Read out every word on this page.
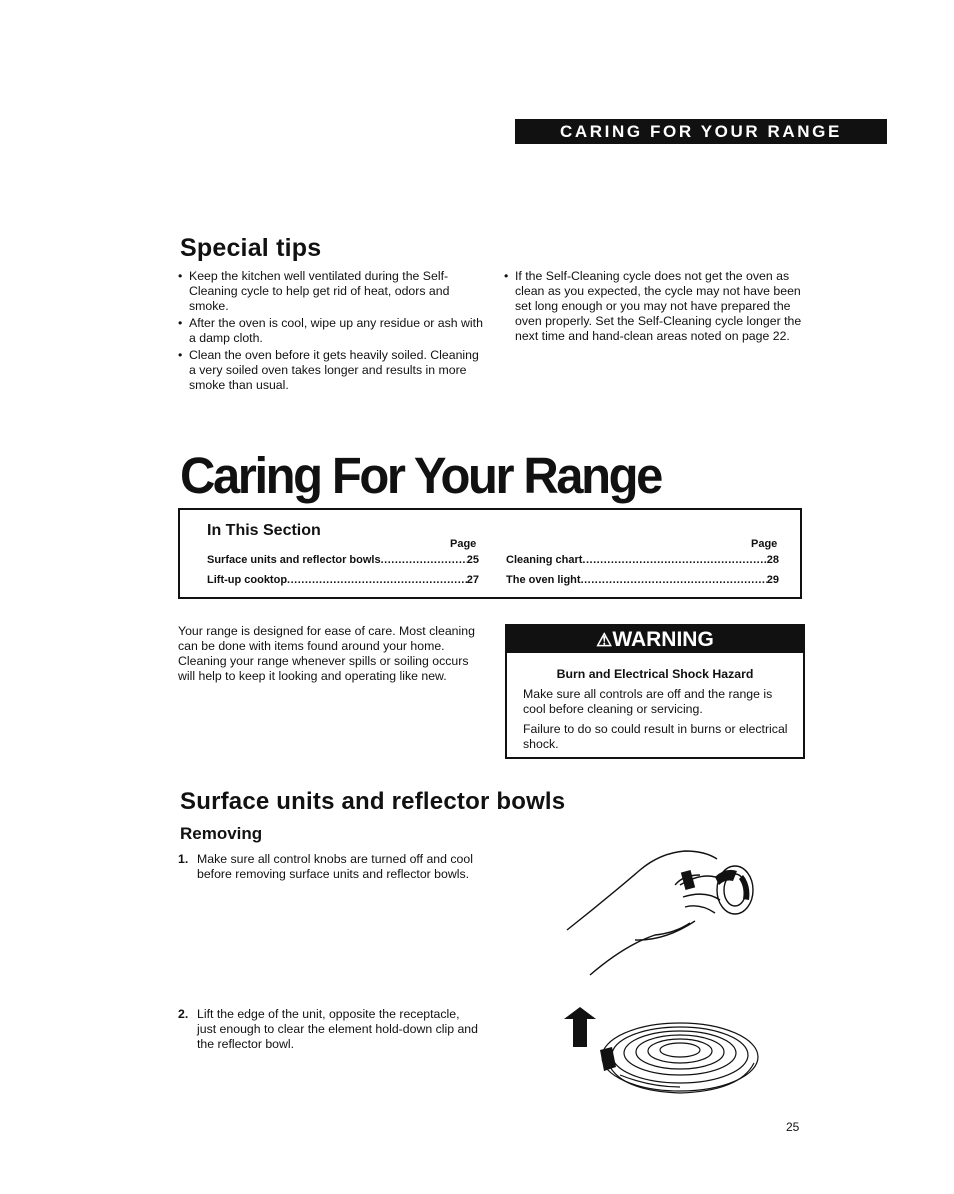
CARING FOR YOUR RANGE
Special tips
• Keep the kitchen well ventilated during the Self-Cleaning cycle to help get rid of heat, odors and smoke.
• After the oven is cool, wipe up any residue or ash with a damp cloth.
• Clean the oven before it gets heavily soiled. Cleaning a very soiled oven takes longer and results in more smoke than usual.
• If the Self-Cleaning cycle does not get the oven as clean as you expected, the cycle may not have been set long enough or you may not have prepared the oven properly. Set the Self-Cleaning cycle longer the next time and hand-clean areas noted on page 22.
Caring For Your Range
In This Section
Page	Page
Surface units and reflector bowls .....	25
Lift-up cooktop .....	27
Cleaning chart .....	28
The oven light .....	29
Your range is designed for ease of care. Most cleaning can be done with items found around your home. Cleaning your range whenever spills or soiling occurs will help to keep it looking and operating like new.
⚠WARNING
Burn and Electrical Shock Hazard
Make sure all controls are off and the range is cool before cleaning or servicing.
Failure to do so could result in burns or electrical shock.
Surface units and reflector bowls
Removing
1. Make sure all control knobs are turned off and cool before removing surface units and reflector bowls.
2. Lift the edge of the unit, opposite the receptacle, just enough to clear the element hold-down clip and the reflector bowl.
25
